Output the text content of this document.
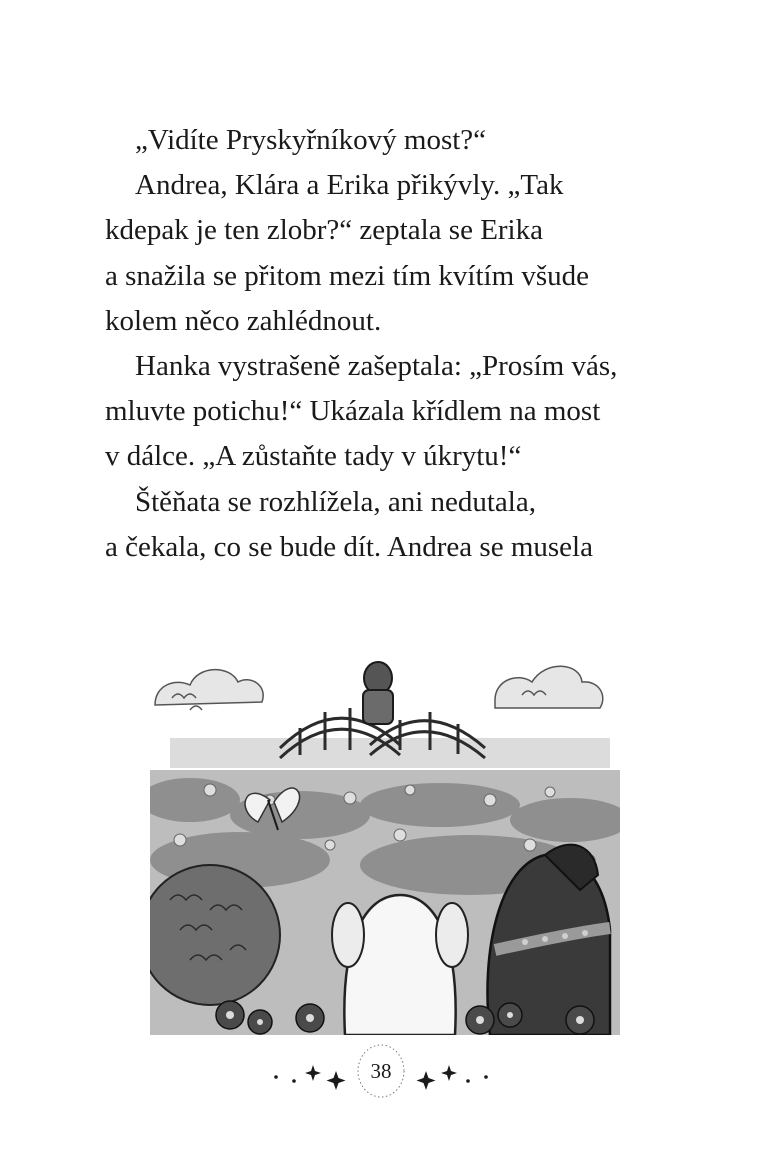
„Vidíte Pryskyřníkový most?“
Andrea, Klára a Erika přikývly. „Tak
kdepak je ten zlobr?“ zeptala se Erika
a snažila se přitom mezi tím kvítím všude
kolem něco zahlédnout.
Hanka vystrašeně zašeptala: „Prosím vás,
mluvte potichu!“ Ukázala křídlem na most
v dálce. „A zůstaňte tady v úkrytu!“
Štěňata se rozhlížela, ani nedutala,
a čekala, co se bude dít. Andrea se musela
38
